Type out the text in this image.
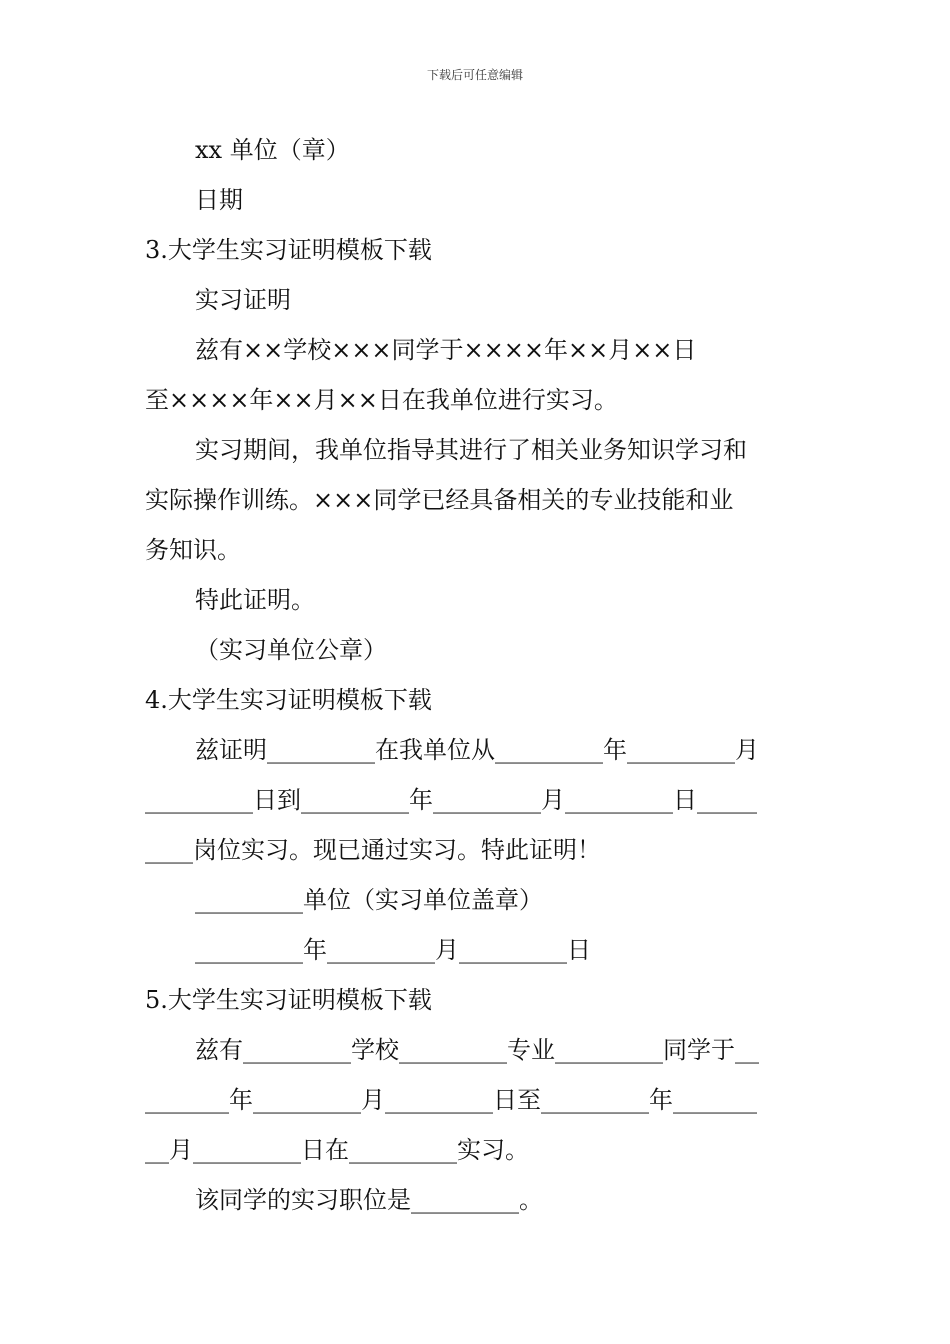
下载后可任意编辑
xx 单位（章）
日期
3.大学生实习证明模板下载
实习证明
兹有××学校×××同学于××××年××月××日
至××××年××月××日在我单位进行实习。
实习期间，我单位指导其进行了相关业务知识学习和
实际操作训练。×××同学已经具备相关的专业技能和业
务知识。
特此证明。
（实习单位公章）
4.大学生实习证明模板下载
兹证明_________在我单位从_________年_________月
_________日到_________年_________月_________日_____
____岗位实习。现已通过实习。特此证明！
_________单位（实习单位盖章）
_________年_________月_________日
5.大学生实习证明模板下载
兹有_________学校_________专业_________同学于__
_______年_________月_________日至_________年_______
__月_________日在_________实习。
该同学的实习职位是_________。
